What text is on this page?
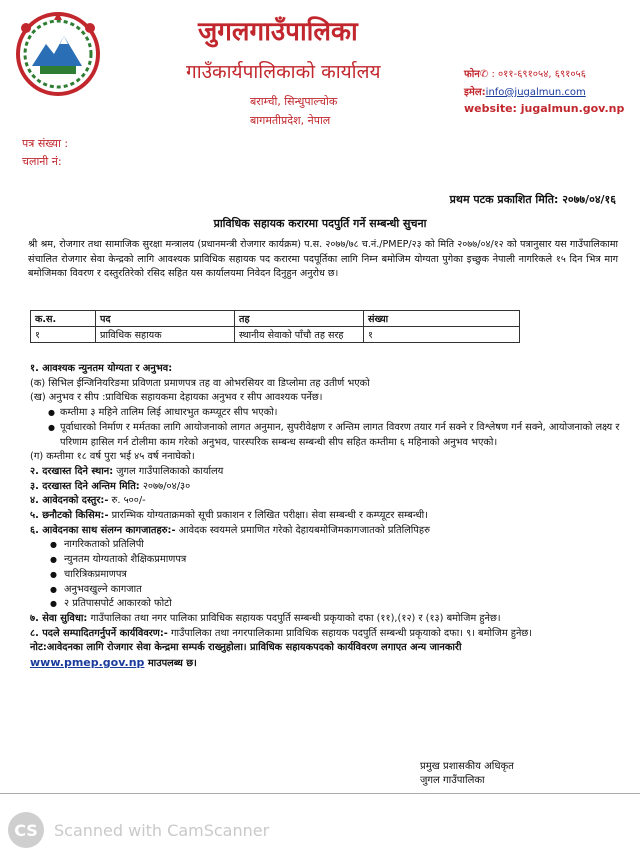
जुगलगाउँपालिका
गाउँकार्यपालिकाको कार्यालय
बराम्ची, सिन्धुपाल्चोक
बागमतीप्रदेश, नेपाल
फोन✆ : ०११-६९१०५४, ६९१०५६
इमेल:info@jugalmun.com
website: jugalmun.gov.np
पत्र संख्या :
चलानी नं:
प्रथम पटक प्रकाशित मिति: २०७७/०४/१६
प्राविधिक सहायक करारमा पदपुर्ति गर्ने सम्बन्धी सुचना
श्री श्रम, रोजगार तथा सामाजिक सुरक्षा मन्त्रालय (प्रधानमन्त्री रोजगार कार्यक्रम) प.स. २०७७/७८ च.नं./PMEP/२३ को मिति २०७७/०४/१२ को पत्रानुसार यस गाउँपालिकामा संचालित रोजगार सेवा केन्द्रको लागि आवश्यक प्राविधिक सहायक पद करारमा पदपूर्तिका लागि निम्न बमोजिम योग्यता पुगेका इच्छुक नेपाली नागरिकले १५ दिन भित्र माग बमोजिमका विवरण र दस्तुरतिरेको रसिद सहित यस कार्यालयमा निवेदन दिनुहुन अनुरोध छ।
क.स.	पद	तह	संख्या
१	प्राविधिक सहायक	स्थानीय सेवाको पाँचौ तह सरह	१
१. आवश्यक न्युनतम योग्यता र अनुभव:
(क) सिभिल ईन्जिनियरिङमा प्रविणता प्रमाणपत्र तह वा ओभरसियर वा डिप्लोमा तह उतीर्ण भएको
(ख) अनुभव र सीप :प्राविधिक सहायकमा देहायका अनुभव र सीप आवश्यक पर्नेछ।
● कम्तीमा ३ महिने तालिम लिई आधारभुत कम्प्यूटर सीप भएको।
● पूर्वाधारको निर्माण र मर्मतका लागि आयोजनाको लागत अनुमान, सुपरीवेक्षण र अन्तिम लागत विवरण तयार गर्न सक्ने र विश्लेषण गर्न सक्ने, आयोजनाको लक्ष्य र परिणाम हासिल गर्न टोलीमा काम गरेको अनुभव, पारस्परिक सम्बन्ध सम्बन्धी सीप सहित कम्तीमा ६ महिनाको अनुभव भएको।
(ग) कम्तीमा १८ वर्ष पुरा भई ४५ वर्ष ननाघेको।
२. दरखास्त दिने स्थान: जुगल गाउँपालिकाको कार्यालय
३. दरखास्त दिने अन्तिम मिति: २०७७/०४/३०
४. आवेदनको दस्तुर:- रु. ५००/-
५. छनौटको किसिम:- प्रारम्भिक योग्यताक्रमको सूची प्रकाशन र लिखित परीक्षा। सेवा सम्बन्धी र कम्प्यूटर सम्बन्धी।
६. आवेदनका साथ संलग्न कागजातहरु:- आवेदक स्वयमले प्रमाणित गरेको देहायबमोजिमकागजातको प्रतिलिपिहरु
● नागरिकताको प्रतिलिपी
● न्युनतम योग्यताको शैक्षिकप्रमाणपत्र
● चारित्रिकप्रमाणपत्र
● अनुभवखुल्ने कागजात
● २ प्रतिपासपोर्ट आकारको फोटो
७. सेवा सुविधा: गाउँपालिका तथा नगर पालिका प्राविधिक सहायक पदपुर्ति सम्बन्धी प्रकृयाको दफा (११),(१२) र (१३) बमोजिम हुनेछ।
८. पदले सम्पादितगर्नुपर्ने कार्यविवरण:- गाउँपालिका तथा नगरपालिकामा प्राविधिक सहायक पदपुर्ति सम्बन्धी प्रकृयाको दफा। ९। बमोजिम हुनेछ।
नोट:आवेदनका लागि रोजगार सेवा केन्द्रमा सम्पर्क राख्नुहोला। प्राविधिक सहायकपदको कार्यविवरण लगाएत अन्य जानकारी
www.pmep.gov.np माउपलब्ध छ।
प्रमुख प्रशासकीय अधिकृत
जुगल गाउँपालिका
CS	Scanned with CamScanner
